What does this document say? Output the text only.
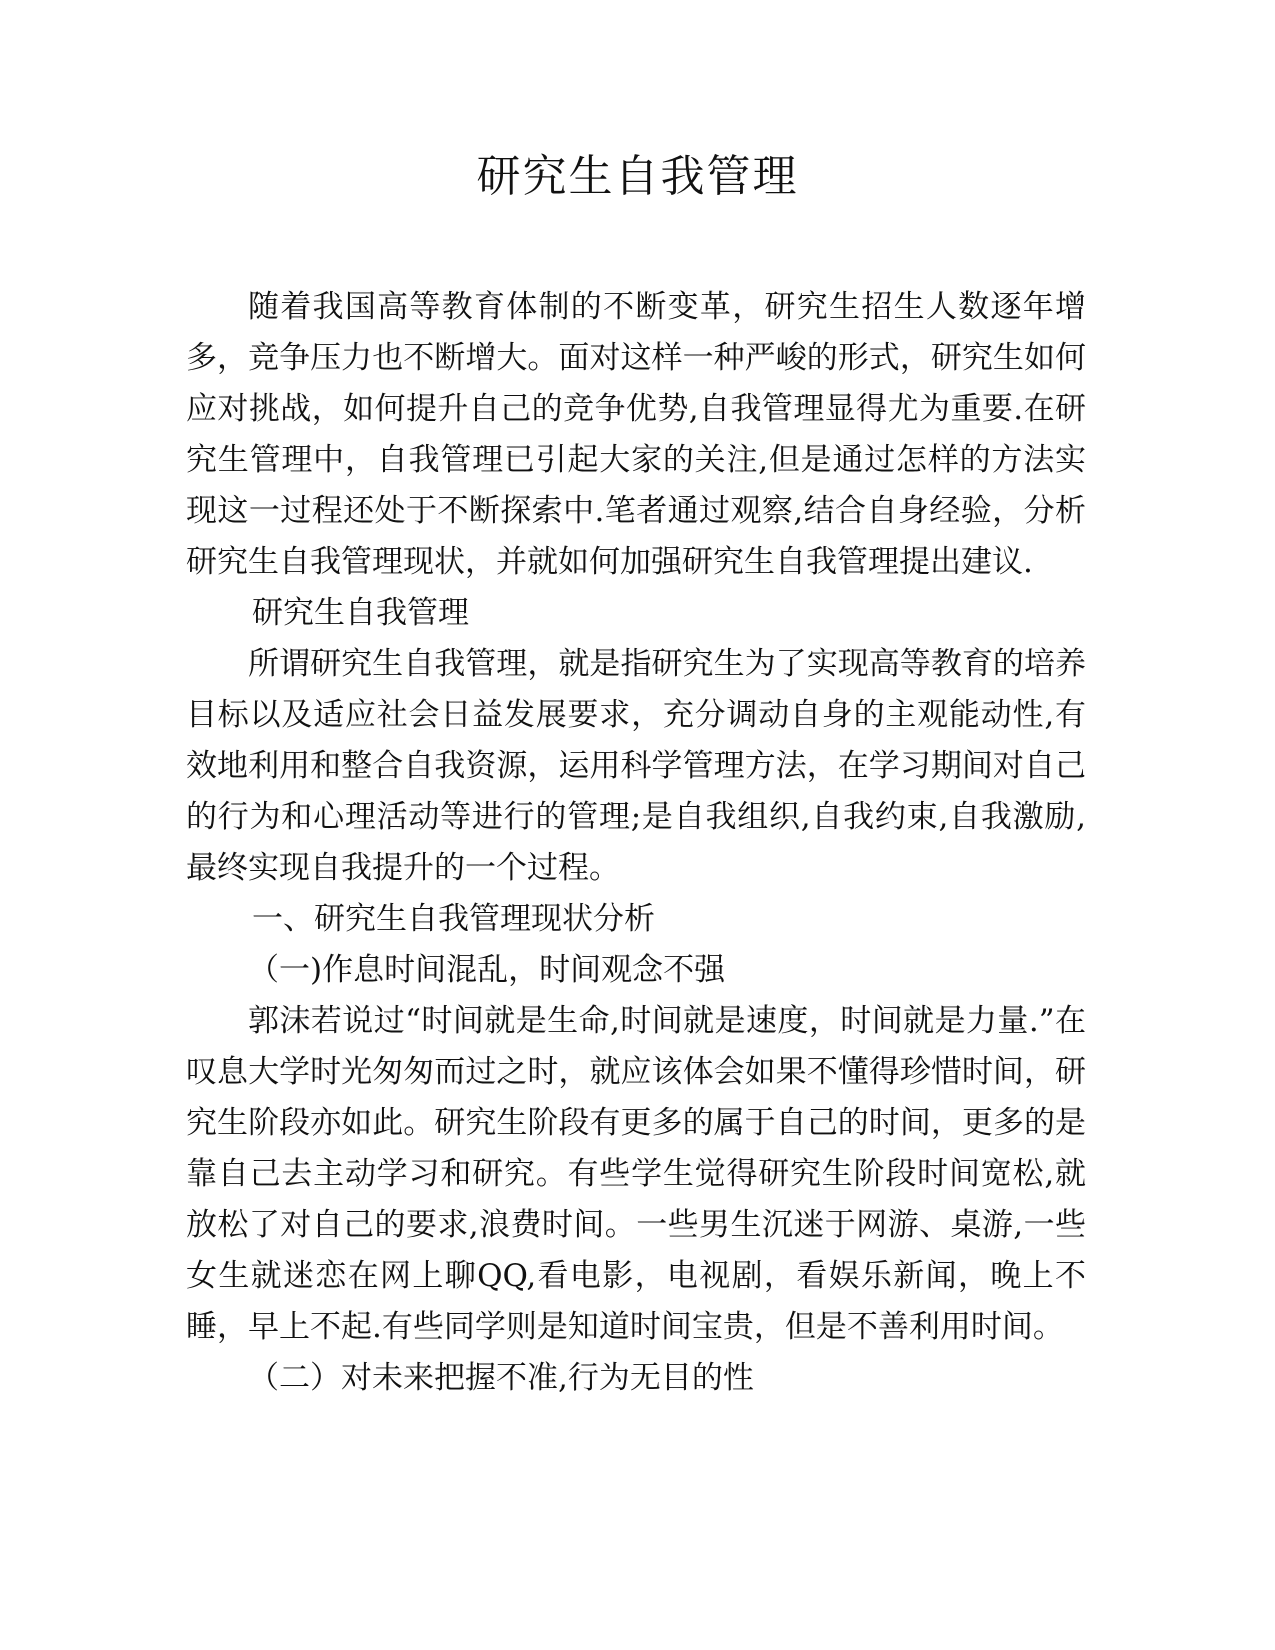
研究生自我管理

随着我国高等教育体制的不断变革，研究生招生人数逐年增多，竞争压力也不断增大。面对这样一种严峻的形式，研究生如何应对挑战，如何提升自己的竞争优势,自我管理显得尤为重要.在研究生管理中，自我管理已引起大家的关注,但是通过怎样的方法实现这一过程还处于不断探索中.笔者通过观察,结合自身经验，分析研究生自我管理现状，并就如何加强研究生自我管理提出建议.

研究生自我管理

所谓研究生自我管理，就是指研究生为了实现高等教育的培养目标以及适应社会日益发展要求，充分调动自身的主观能动性,有效地利用和整合自我资源，运用科学管理方法，在学习期间对自己的行为和心理活动等进行的管理;是自我组织,自我约束,自我激励,最终实现自我提升的一个过程。

一、研究生自我管理现状分析

（一)作息时间混乱，时间观念不强

郭沫若说过“时间就是生命,时间就是速度，时间就是力量.”在叹息大学时光匆匆而过之时，就应该体会如果不懂得珍惜时间，研究生阶段亦如此。研究生阶段有更多的属于自己的时间，更多的是靠自己去主动学习和研究。有些学生觉得研究生阶段时间宽松,就放松了对自己的要求,浪费时间。一些男生沉迷于网游、桌游,一些女生就迷恋在网上聊QQ,看电影，电视剧，看娱乐新闻，晚上不睡，早上不起.有些同学则是知道时间宝贵，但是不善利用时间。

（二）对未来把握不准,行为无目的性
